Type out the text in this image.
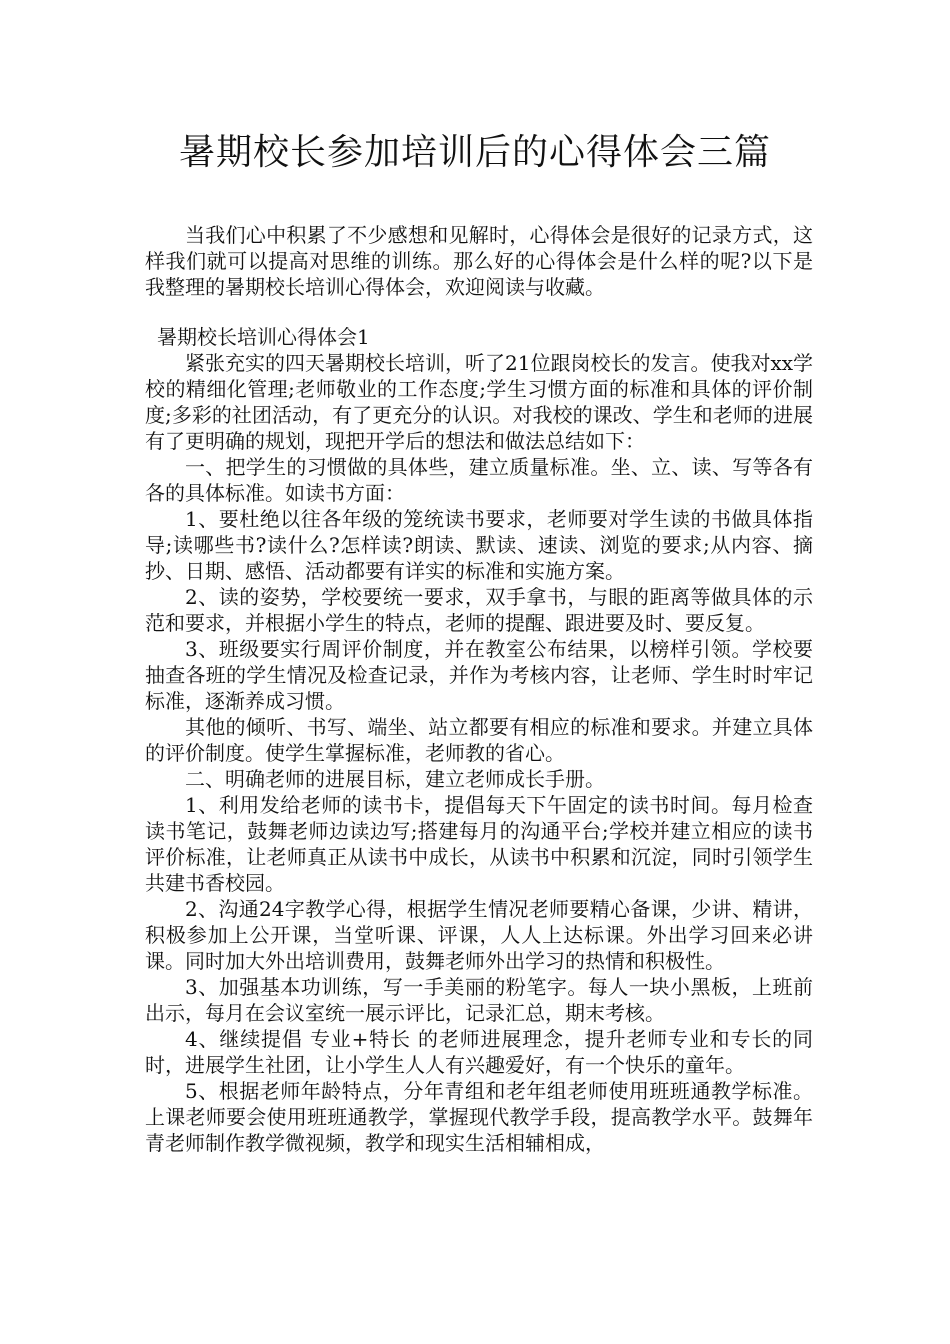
暑期校长参加培训后的心得体会三篇

当我们心中积累了不少感想和见解时，心得体会是很好的记录方式，这样我们就可以提高对思维的训练。那么好的心得体会是什么样的呢?以下是我整理的暑期校长培训心得体会，欢迎阅读与收藏。

暑期校长培训心得体会1

紧张充实的四天暑期校长培训，听了21位跟岗校长的发言。使我对xx学校的精细化管理;老师敬业的工作态度;学生习惯方面的标准和具体的评价制度;多彩的社团活动，有了更充分的认识。对我校的课改、学生和老师的进展有了更明确的规划，现把开学后的想法和做法总结如下：

一、把学生的习惯做的具体些，建立质量标准。坐、立、读、写等各有各的具体标准。如读书方面：

1、要杜绝以往各年级的笼统读书要求，老师要对学生读的书做具体指导;读哪些书?读什么?怎样读?朗读、默读、速读、浏览的要求;从内容、摘抄、日期、感悟、活动都要有详实的标准和实施方案。

2、读的姿势，学校要统一要求，双手拿书，与眼的距离等做具体的示范和要求，并根据小学生的特点，老师的提醒、跟进要及时、要反复。

3、班级要实行周评价制度，并在教室公布结果，以榜样引领。学校要抽查各班的学生情况及检查记录，并作为考核内容，让老师、学生时时牢记标准，逐渐养成习惯。

其他的倾听、书写、端坐、站立都要有相应的标准和要求。并建立具体的评价制度。使学生掌握标准，老师教的省心。

二、明确老师的进展目标，建立老师成长手册。

1、利用发给老师的读书卡，提倡每天下午固定的读书时间。每月检查读书笔记，鼓舞老师边读边写;搭建每月的沟通平台;学校并建立相应的读书评价标准，让老师真正从读书中成长，从读书中积累和沉淀，同时引领学生共建书香校园。

2、沟通24字教学心得，根据学生情况老师要精心备课，少讲、精讲，积极参加上公开课，当堂听课、评课，人人上达标课。外出学习回来必讲课。同时加大外出培训费用，鼓舞老师外出学习的热情和积极性。

3、加强基本功训练，写一手美丽的粉笔字。每人一块小黑板，上班前出示，每月在会议室统一展示评比，记录汇总，期末考核。

4、继续提倡 专业+特长 的老师进展理念，提升老师专业和专长的同时，进展学生社团，让小学生人人有兴趣爱好，有一个快乐的童年。

5、根据老师年龄特点，分年青组和老年组老师使用班班通教学标准。上课老师要会使用班班通教学，掌握现代教学手段，提高教学水平。鼓舞年青老师制作教学微视频，教学和现实生活相辅相成，
